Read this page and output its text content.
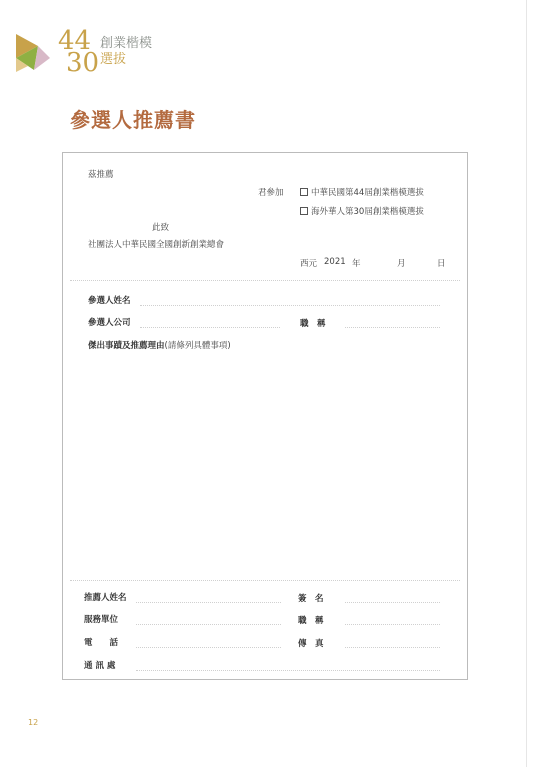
44
30
創業楷模
選拔
參選人推薦書
茲推薦
君參加	中華民國第44屆創業楷模選拔
海外華人第30屆創業楷模選拔
此致
社團法人中華民國全國創新創業總會
西元 2021 年	月	日
參選人姓名
參選人公司	職　稱
傑出事蹟及推薦理由(請條列具體事項)
推薦人姓名	簽　名
服務單位	職　稱
電　　話	傳　真
通 訊 處
12
